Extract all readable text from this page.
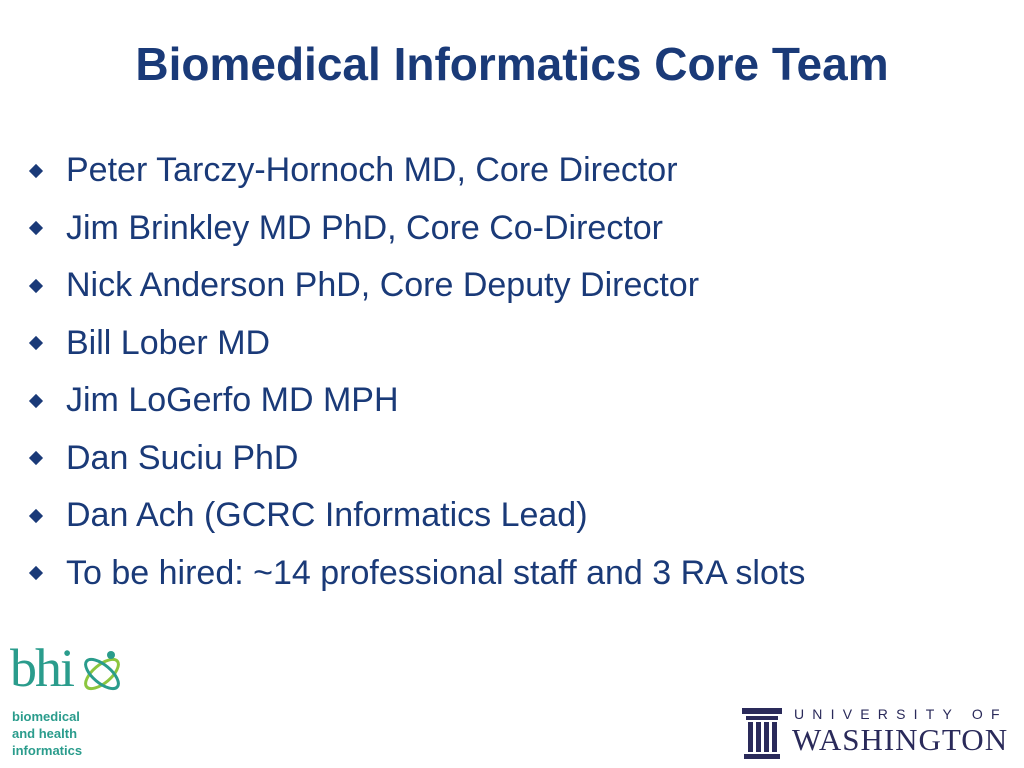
Biomedical Informatics Core Team
Peter Tarczy-Hornoch MD, Core Director
Jim Brinkley MD PhD, Core Co-Director
Nick Anderson PhD, Core Deputy Director
Bill Lober MD
Jim LoGerfo MD MPH
Dan Suciu PhD
Dan Ach (GCRC Informatics Lead)
To be hired: ~14 professional staff and 3 RA slots
bhi
biomedical
and health
informatics
UNIVERSITY OF
WASHINGTON
